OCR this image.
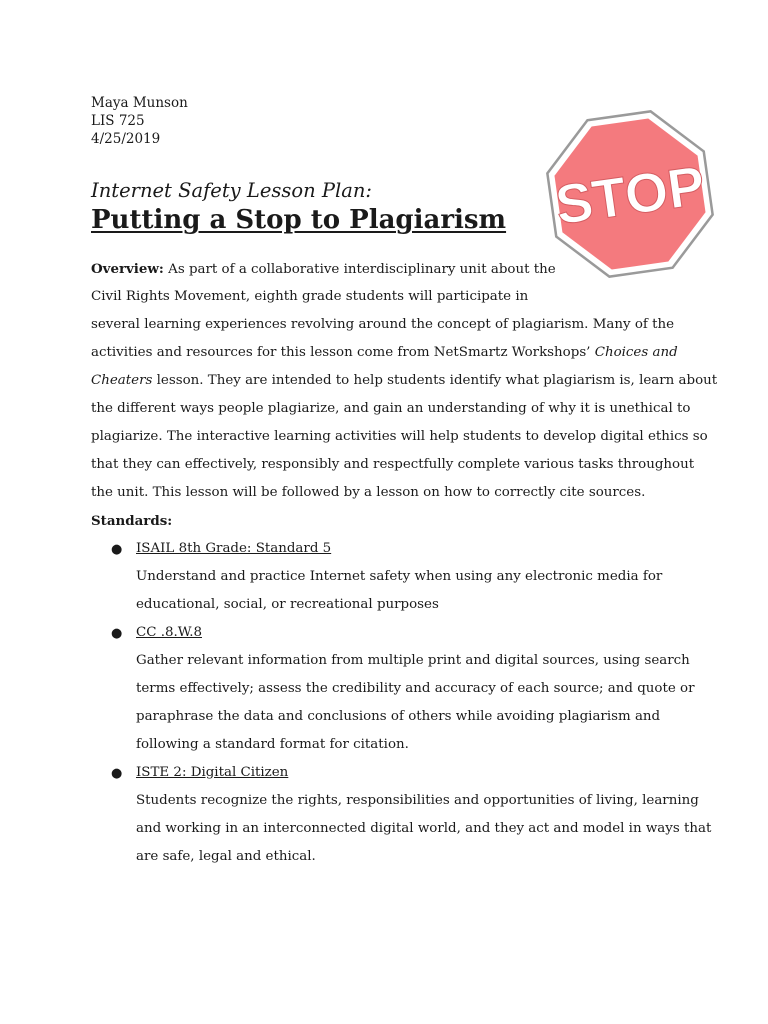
Maya Munson
LIS 725
4/25/2019
Internet Safety Lesson Plan:
Putting a Stop to Plagiarism STOP
Overview: As part of a collaborative interdisciplinary unit about the
Civil Rights Movement, eighth grade students will participate in
several learning experiences revolving around the concept of plagiarism. Many of the
activities and resources for this lesson come from NetSmartz Workshops’ Choices and
Cheaters lesson. They are intended to help students identify what plagiarism is, learn about
the different ways people plagiarize, and gain an understanding of why it is unethical to
plagiarize. The interactive learning activities will help students to develop digital ethics so
that they can effectively, responsibly and respectfully complete various tasks throughout
the unit. This lesson will be followed by a lesson on how to correctly cite sources.
Standards:
● ISAIL 8th Grade: Standard 5
Understand and practice Internet safety when using any electronic media for
educational, social, or recreational purposes
● CC .8.W.8
Gather relevant information from multiple print and digital sources, using search
terms effectively; assess the credibility and accuracy of each source; and quote or
paraphrase the data and conclusions of others while avoiding plagiarism and
following a standard format for citation.
● ISTE 2: Digital Citizen
Students recognize the rights, responsibilities and opportunities of living, learning
and working in an interconnected digital world, and they act and model in ways that
are safe, legal and ethical.
